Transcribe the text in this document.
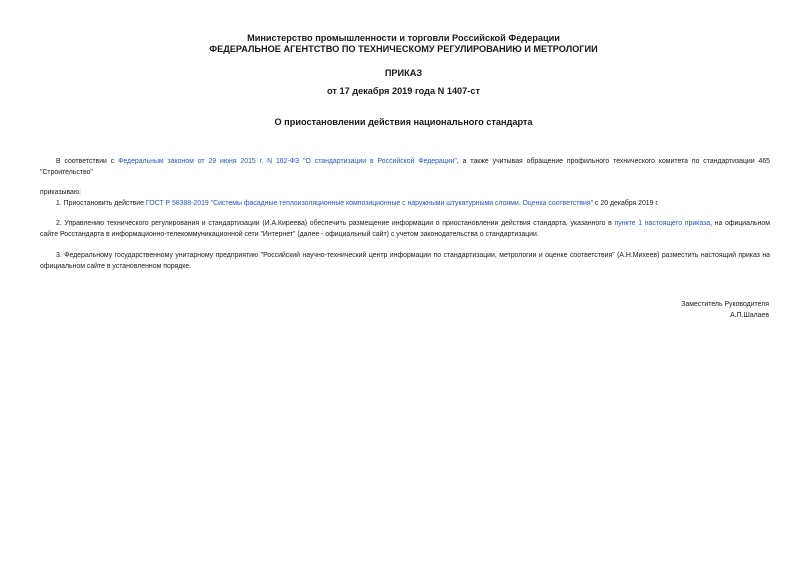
Министерство промышленности и торговли Российской Федерации
ФЕДЕРАЛЬНОЕ АГЕНТСТВО ПО ТЕХНИЧЕСКОМУ РЕГУЛИРОВАНИЮ И МЕТРОЛОГИИ
ПРИКАЗ
от 17 декабря 2019 года N 1407-ст
О приостановлении действия национального стандарта
В соответствии с Федеральным законом от 29 июня 2015 г. N 162-ФЗ "О стандартизации в Российской Федерации", а также учитывая обращение профильного технического комитета по стандартизации 465 "Строительство"
приказываю:
1. Приостановить действие ГОСТ Р 58388-2019 "Системы фасадные теплоизоляционные композиционные с наружными штукатурными слоями. Оценка соответствия" с 20 декабря 2019 г.
2. Управлению технического регулирования и стандартизации (И.А.Киреева) обеспечить размещение информации о приостановлении действия стандарта, указанного в пункте 1 настоящего приказа, на официальном сайте Росстандарта в информационно-телекоммуникационной сети "Интернет" (далее - официальный сайт) с учетом законодательства о стандартизации.
3. Федеральному государственному унитарному предприятию "Российский научно-технический центр информации по стандартизации, метрологии и оценке соответствия" (А.Н.Михеев) разместить настоящий приказ на официальном сайте в установленном порядке.
Заместитель Руководителя
А.П.Шалаев
